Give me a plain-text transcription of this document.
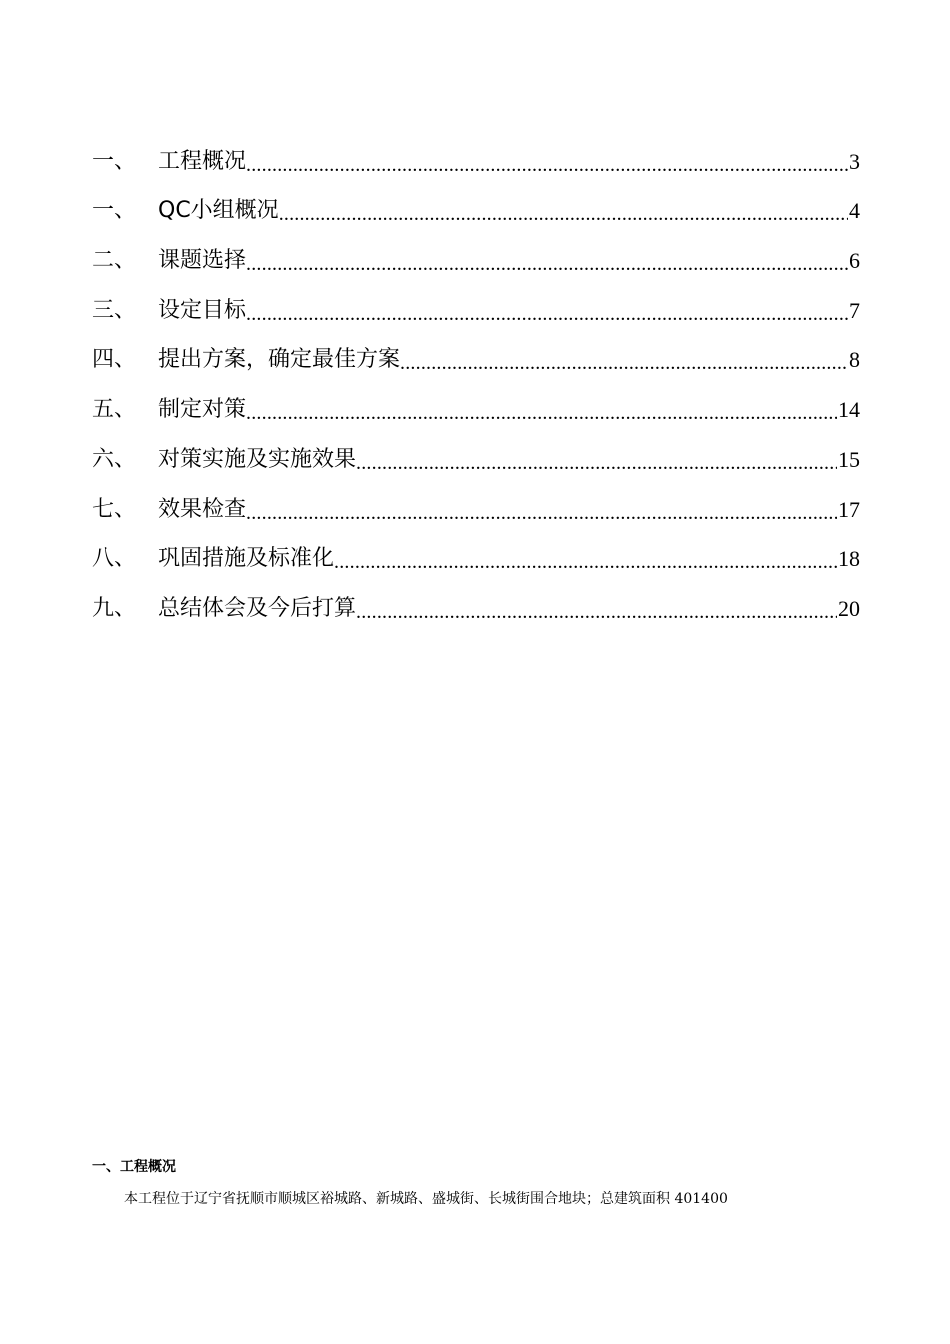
一、 工程概况 .....	3
一、 QC小组概况 .....	4
二、 课题选择 .....	6
三、 设定目标 .....	7
四、 提出方案，确定最佳方案 .....	8
五、 制定对策 .....	14
六、 对策实施及实施效果 .....	15
七、 效果检查 .....	17
八、 巩固措施及标准化 .....	18
九、 总结体会及今后打算 .....	20
一、工程概况
本工程位于辽宁省抚顺市顺城区裕城路、新城路、盛城街、长城街围合地块；总建筑面积 401400
